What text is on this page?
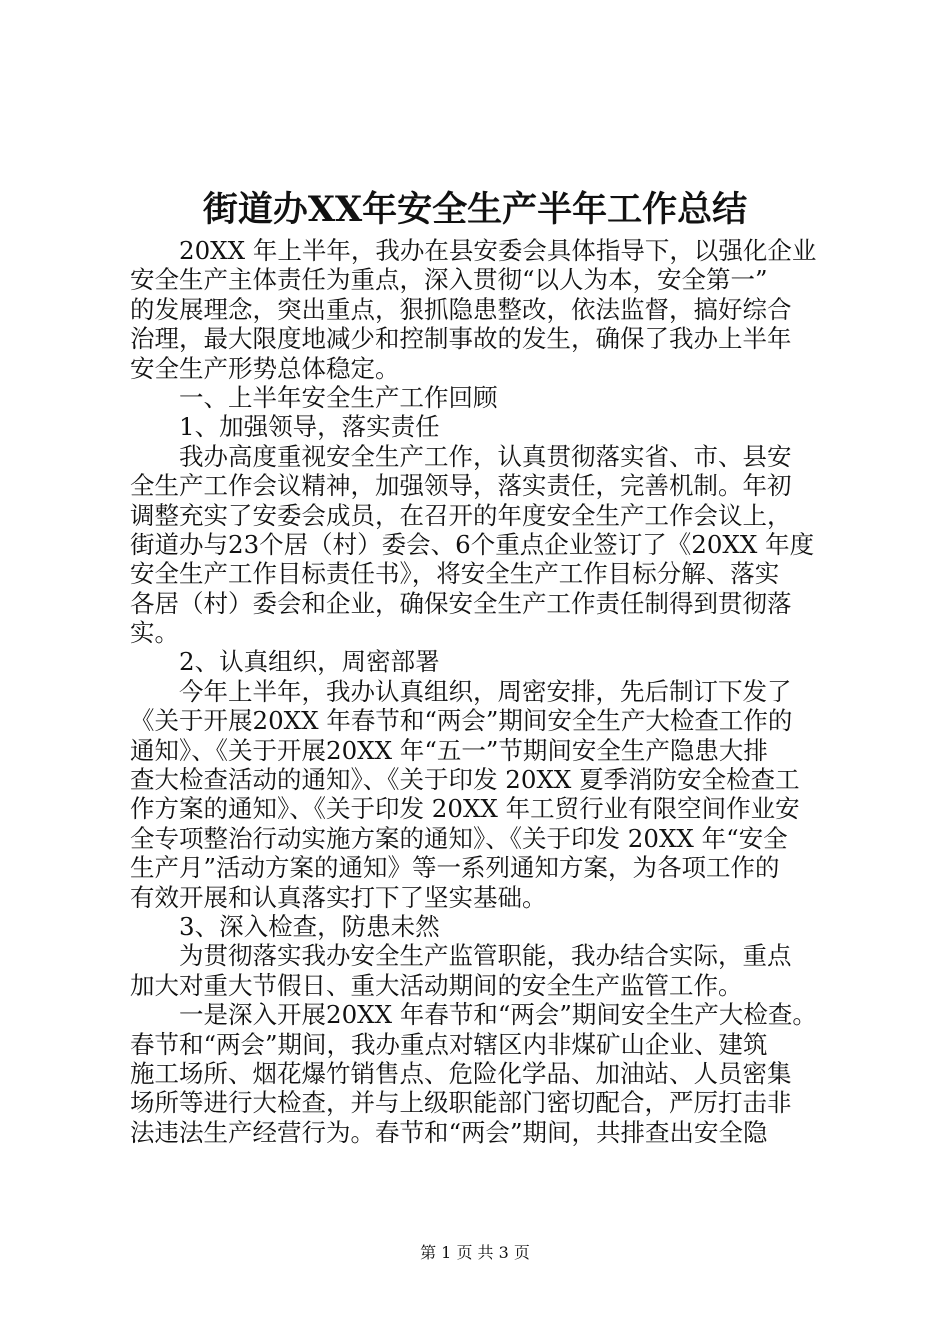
街道办XX年安全生产半年工作总结
　　20XX 年上半年，我办在县安委会具体指导下，以强化企业
安全生产主体责任为重点，深入贯彻“以人为本，安全第一”
的发展理念，突出重点，狠抓隐患整改，依法监督，搞好综合
治理，最大限度地减少和控制事故的发生，确保了我办上半年
安全生产形势总体稳定。
　　一、上半年安全生产工作回顾
　　1、加强领导，落实责任
　　我办高度重视安全生产工作，认真贯彻落实省、市、县安
全生产工作会议精神，加强领导，落实责任，完善机制。年初
调整充实了安委会成员，在召开的年度安全生产工作会议上，
街道办与23个居（村）委会、6个重点企业签订了《20XX 年度
安全生产工作目标责任书》，将安全生产工作目标分解、落实
各居（村）委会和企业，确保安全生产工作责任制得到贯彻落
实。
　　2、认真组织，周密部署
　　今年上半年，我办认真组织，周密安排，先后制订下发了
《关于开展20XX 年春节和“两会”期间安全生产大检查工作的
通知》、《关于开展20XX 年“五一”节期间安全生产隐患大排
查大检查活动的通知》、《关于印发 20XX 夏季消防安全检查工
作方案的通知》、《关于印发 20XX 年工贸行业有限空间作业安
全专项整治行动实施方案的通知》、《关于印发 20XX 年“安全
生产月”活动方案的通知》等一系列通知方案，为各项工作的
有效开展和认真落实打下了坚实基础。
　　3、深入检查，防患未然
　　为贯彻落实我办安全生产监管职能，我办结合实际，重点
加大对重大节假日、重大活动期间的安全生产监管工作。
　　一是深入开展20XX 年春节和“两会”期间安全生产大检查。
春节和“两会”期间，我办重点对辖区内非煤矿山企业、建筑
施工场所、烟花爆竹销售点、危险化学品、加油站、人员密集
场所等进行大检查，并与上级职能部门密切配合，严厉打击非
法违法生产经营行为。春节和“两会”期间，共排查出安全隐
第 1 页 共 3 页
